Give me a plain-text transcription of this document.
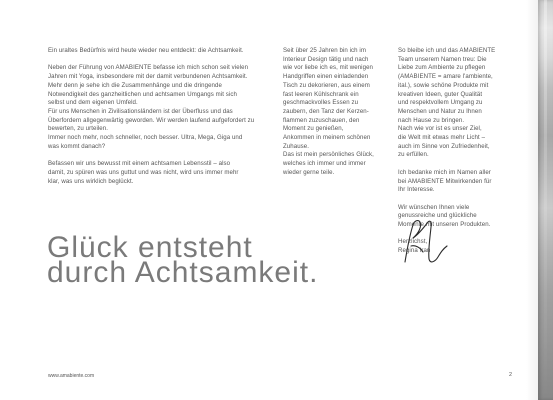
Ein uraltes Bedürfnis wird heute wieder neu entdeckt: die Achtsamkeit.

Neben der Führung von AMABIENTE befasse ich mich schon seit vielen
Jahren mit Yoga, insbesondere mit der damit verbundenen Achtsamkeit.
Mehr denn je sehe ich die Zusammenhänge und die dringende
Notwendigkeit des ganzheitlichen und achtsamen Umgangs mit sich
selbst und dem eigenen Umfeld.
Für uns Menschen in Zivilisationsländern ist der Überfluss und das
Überfordern allgegenwärtig geworden. Wir werden laufend aufgefordert zu
bewerten, zu urteilen.
Immer noch mehr, noch schneller, noch besser. Ultra, Mega, Giga und
was kommt danach?

Befassen wir uns bewusst mit einem achtsamen Lebensstil – also
damit, zu spüren was uns guttut und was nicht, wird uns immer mehr
klar, was uns wirklich beglückt.

Seit über 25 Jahren bin ich im
Interieur Design tätig und nach
wie vor liebe ich es, mit wenigen
Handgriffen einen einladenden
Tisch zu dekorieren, aus einem
fast leeren Kühlschrank ein
geschmackvolles Essen zu
zaubern, den Tanz der Kerzen-
flammen zuzuschauen, den
Moment zu genießen,
Ankommen in meinem schönen
Zuhause.
Das ist mein persönliches Glück,
welches ich immer und immer
wieder gerne teile.

So bleibe ich und das AMABIENTE
Team unserem Namen treu: Die
Liebe zum Ambiente zu pflegen
(AMABIENTE = amare l'ambiente,
ital.), sowie schöne Produkte mit
kreativen Ideen, guter Qualität
und respektvollem Umgang zu
Menschen und Natur zu Ihnen
nach Hause zu bringen.
Nach wie vor ist es unser Ziel,
die Welt mit etwas mehr Licht –
auch im Sinne von Zufriedenheit,
zu erfüllen.

Ich bedanke mich im Namen aller
bei AMABIENTE Mitwirkenden für
Ihr Interesse.

Wir wünschen Ihnen viele
genussreiche und glückliche
Momente mit unseren Produkten.

Herzlichst,

Regina Iran

Glück entsteht
durch Achtsamkeit.
www.amabiente.com	2
